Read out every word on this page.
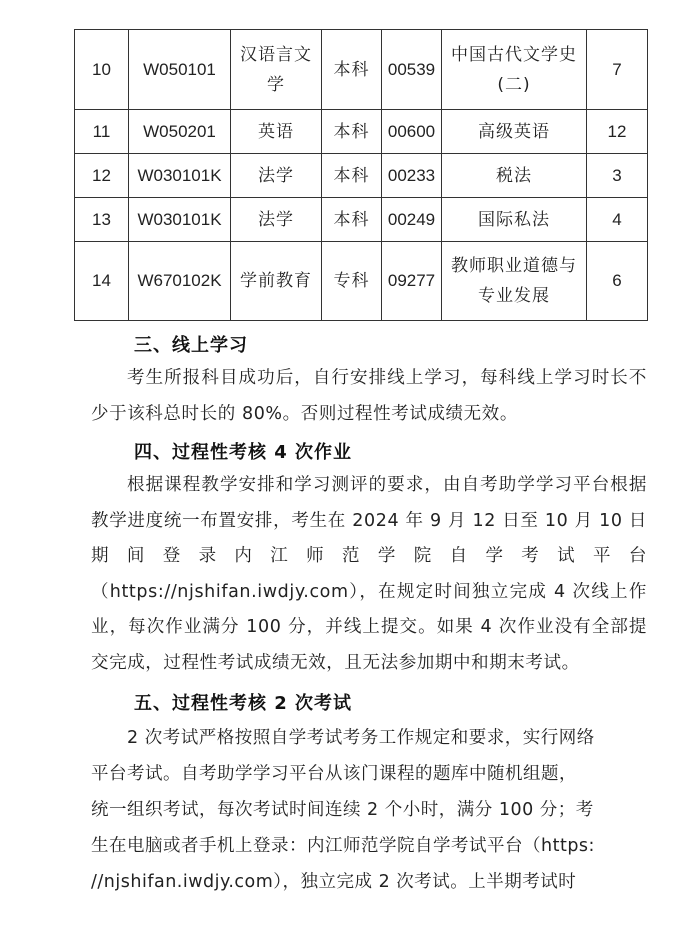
10	W050101	汉语言文学	本科	00539	中国古代文学史(二)	7
11	W050201	英语	本科	00600	高级英语	12
12	W030101K	法学	本科	00233	税法	3
13	W030101K	法学	本科	00249	国际私法	4
14	W670102K	学前教育	专科	09277	教师职业道德与专业发展	6
三、线上学习
考生所报科目成功后，自行安排线上学习，每科线上学习时长不少于该科总时长的 80%。否则过程性考试成绩无效。
四、过程性考核 4 次作业
根据课程教学安排和学习测评的要求，由自考助学学习平台根据教学进度统一布置安排，考生在 2024 年 9 月 12 日至 10 月 10 日期间登录内江师范学院自学考试平台（https://njshifan.iwdjy.com），在规定时间独立完成 4 次线上作业，每次作业满分 100 分，并线上提交。如果 4 次作业没有全部提交完成，过程性考试成绩无效，且无法参加期中和期末考试。
五、过程性考核 2 次考试
2 次考试严格按照自学考试考务工作规定和要求，实行网络
平台考试。自考助学学习平台从该门课程的题库中随机组题，
统一组织考试，每次考试时间连续 2 个小时，满分 100 分；考
生在电脑或者手机上登录：内江师范学院自学考试平台（https:
//njshifan.iwdjy.com），独立完成 2 次考试。上半期考试时
